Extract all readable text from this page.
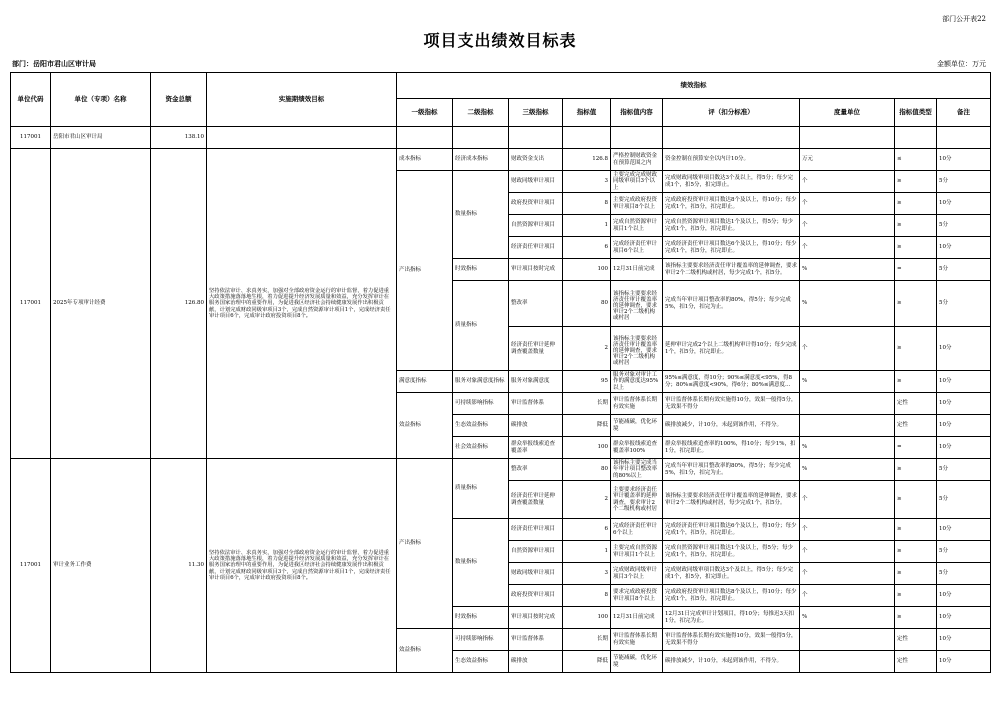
部门公开表22
项目支出绩效目标表
部门：岳阳市君山区审计局	金额单位：万元
单位代码	单位（专项）名称	资金总额	实施期绩效目标	绩效指标								
				一级指标	二级指标	三级指标	指标值	指标值内容	评（扣分标准）	度量单位	指标值类型	备注
117001	岳阳市君山区审计局	138.10										

117001	2025年专项审计经费	126.80	坚持依法审计、求真务实，加强对全部政府资金运行的审计监督，着力促进重大政策措施落落地生根，着力促进提升经济发展质量和效益，充分发挥审计在服务国家治理中的重要作用，为促进我区经济社会持续健康发展作出积极贡献，计划完成财政同级审项目3个，完成自然资源审计项目1个，完成经济责任审计项目6个，完成审计政府投资项目8个。	成本指标	经济成本指标	财政资金支出	126.8	严格控制财政资金在预算范围之内	资金控制在预算安全以内计10分。	万元	≤	10分

				产出指标	数量指标	财政同级审计项目	3	主要完成完成财政同级审项目3个以上	完成财政同级审项目数达3个及以上，得5分；每少完成1个，扣5分，扣完即止。	个	≥	5分

						政府投资审计项目	8	主要完成政府投资审计项目8个以上	完成政府投资审计项目数达8个及以上，得10分；每少完成1个，扣5分，扣完即止。	个	≥	10分

						自然资源审计项目	1	完成自然资源审计项目1个以上	完成自然资源审计项目数达1个及以上，得5分；每少完成1个，扣5分，扣完即止。	个	≥	5分

						经济责任审计项目	6	完成经济责任审计项目6个以上	完成经济责任审计项目数达6个及以上，得10分；每少完成1个，扣5分，扣完即止。	个	≥	10分

					时效指标	审计项目按时完成	100	12月31日前完成	该指标主要要求经济责任审计覆盖率的延伸调查，要求审计2个二级机构或村居，每少完成1个，扣5分。	%	=	5分

					质量指标	整改率	80	该指标主要要求经济责任审计覆盖率的延伸调查，要求审计2个二级机构或村居	完成当年审计项目整改率的80%，得5分；每少完成5%，扣1分，扣完为止。	%	≥	5分

						经济责任审计延伸调查覆盖数量	2	该指标主要要求经济责任审计覆盖率的延伸调查，要求审计2个二级机构或村居	延伸审计完成2个以上二级机构审计得10分；每少完成1个，扣5分，扣完即止。	个	≥	10分

				满意度指标	服务对象满意度指标	服务对象满意度	95	服务对象对审计工作的满意度达95%以上	95%≤满意度，得10分；90%≤满意度<95%，得8分；80%≤满意度<90%，得6分；80%≤满意度…	%	≥	10分

				效益指标	可持续影响指标	审计监督体系	长期	审计监督体系长期有效实施	审计监督体系长期有效实施得10分，效果一般得5分，无效果不得分		定性	10分

					生态效益指标	碳排放	降低	节能减碳，优化环境	碳排放减少，计10分，未起到该作用，不得分。		定性	10分

					社会效益指标	群众举报线索追查覆盖率	100	群众举报线索追查覆盖率100%	群众举报线索追查率的100%，得10分；每少1%，扣1分，扣完即止。	%	=	10分

117001	审计业务工作费	11.30	坚持依法审计、求真务实，加强对全部政府资金运行的审计监督，着力促进重大政策措施落落地生根，着力促进提升经济发展质量和效益，充分发挥审计在服务国家治理中的重要作用，为促进我区经济社会持续健康发展作出积极贡献，计划完成财政同级审项目3个，完成自然资源审计项目1个，完成经济责任审计项目6个，完成审计政府投资项目8个。	产出指标	质量指标	整改率	80	该指标主要完成当年审计项目整改率的80%以上	完成当年审计项目整改率的80%，得5分；每少完成5%，扣1分，扣完为止。	%	≥	5分

						经济责任审计延伸调查覆盖数量	2	主要要求经济责任审计覆盖率的延伸调查，要求审计2个二级机构或村居	该指标主要要求经济责任审计覆盖率的延伸调查，要求审计2个二级机构或村居，每少完成1个，扣5分。	个	≥	5分

					数量指标	经济责任审计项目	6	完成经济责任审计6个以上	完成经济责任审计项目数达6个及以上，得10分；每少完成1个，扣5分，扣完即止。	个	≥	10分

						自然资源审计项目	1	主要完成自然资源审计项目1个以上	完成自然资源审计项目数达1个及以上，得5分；每少完成1个，扣5分，扣完即止。	个	≥	5分

						财政同级审计项目	3	完成财政同级审计项目3个以上	完成财政同级审项目数达3个及以上，得5分；每少完成1个，扣5分，扣完即止。	个	≥	5分

						政府投资审计项目	8	要求完成政府投资审计项目8个以上	完成政府投资审计项目数达8个及以上，得10分；每少完成1个，扣5分，扣完即止。	个	≥	10分

					时效指标	审计项目按时完成	100	12月31日前完成	12月31日完成审计计划项目，得10分；每推迟3天扣1分，扣完为止。	%	≥	10分

				效益指标	可持续影响指标	审计监督体系	长期	审计监督体系长期有效实施	审计监督体系长期有效实施得10分，效果一般得5分，无效果不得分		定性	10分

					生态效益指标	碳排放	降低	节能减碳，优化环境	碳排放减少，计10分，未起到该作用，不得分。		定性	10分
